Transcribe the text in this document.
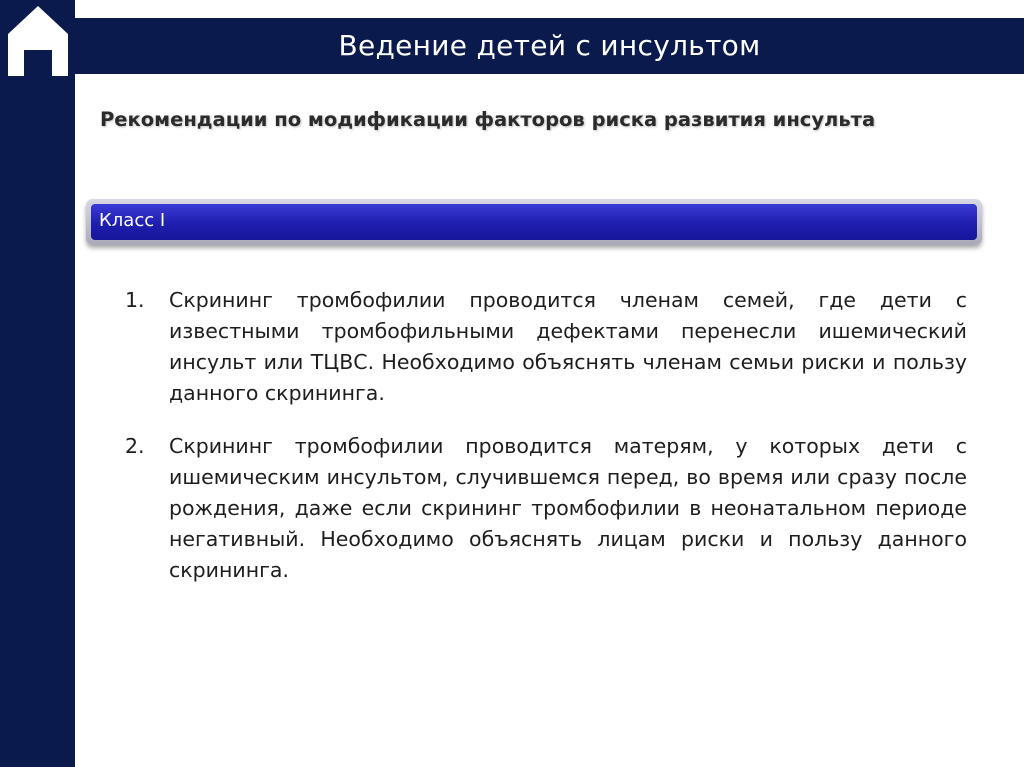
Ведение детей с инсультом
Рекомендации по модификации факторов риска развития инсульта
Класс I
1. Скрининг тромбофилии проводится членам семей, где дети с известными тромбофильными дефектами перенесли ишемический инсульт или ТЦВС. Необходимо объяснять членам семьи риски и пользу данного скрининга.
2. Скрининг тромбофилии проводится матерям, у которых дети с ишемическим инсультом, случившемся перед, во время или сразу после рождения, даже если скрининг тромбофилии в неонатальном периоде негативный. Необходимо объяснять лицам риски и пользу данного скрининга.
